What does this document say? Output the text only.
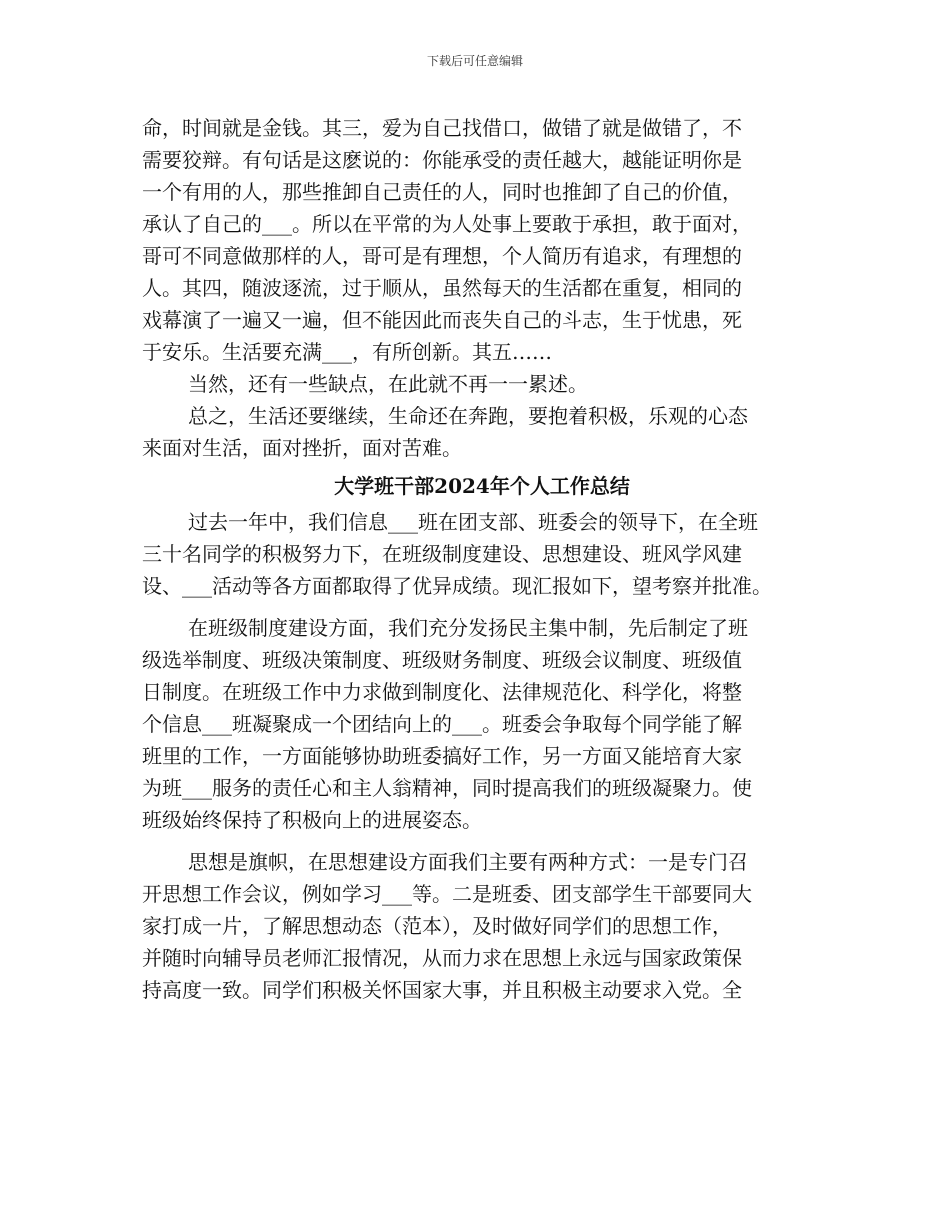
下载后可任意编辑
命，时间就是金钱。其三，爱为自己找借口，做错了就是做错了，不
需要狡辩。有句话是这麽说的：你能承受的责任越大，越能证明你是
一个有用的人，那些推卸自己责任的人，同时也推卸了自己的价值，
承认了自己的___。所以在平常的为人处事上要敢于承担，敢于面对，
哥可不同意做那样的人，哥可是有理想，个人简历有追求，有理想的
人。其四，随波逐流，过于顺从，虽然每天的生活都在重复，相同的
戏幕演了一遍又一遍，但不能因此而丧失自己的斗志，生于忧患，死
于安乐。生活要充满___，有所创新。其五……
当然，还有一些缺点，在此就不再一一累述。
总之，生活还要继续，生命还在奔跑，要抱着积极，乐观的心态
来面对生活，面对挫折，面对苦难。
大学班干部2024年个人工作总结
过去一年中，我们信息___班在团支部、班委会的领导下，在全班
三十名同学的积极努力下，在班级制度建设、思想建设、班风学风建
设、___活动等各方面都取得了优异成绩。现汇报如下，望考察并批准。
在班级制度建设方面，我们充分发扬民主集中制，先后制定了班
级选举制度、班级决策制度、班级财务制度、班级会议制度、班级值
日制度。在班级工作中力求做到制度化、法律规范化、科学化，将整
个信息___班凝聚成一个团结向上的___。班委会争取每个同学能了解
班里的工作，一方面能够协助班委搞好工作，另一方面又能培育大家
为班___服务的责任心和主人翁精神，同时提高我们的班级凝聚力。使
班级始终保持了积极向上的进展姿态。
思想是旗帜，在思想建设方面我们主要有两种方式：一是专门召
开思想工作会议，例如学习___等。二是班委、团支部学生干部要同大
家打成一片，了解思想动态（范本），及时做好同学们的思想工作，
并随时向辅导员老师汇报情况，从而力求在思想上永远与国家政策保
持高度一致。同学们积极关怀国家大事，并且积极主动要求入党。全
